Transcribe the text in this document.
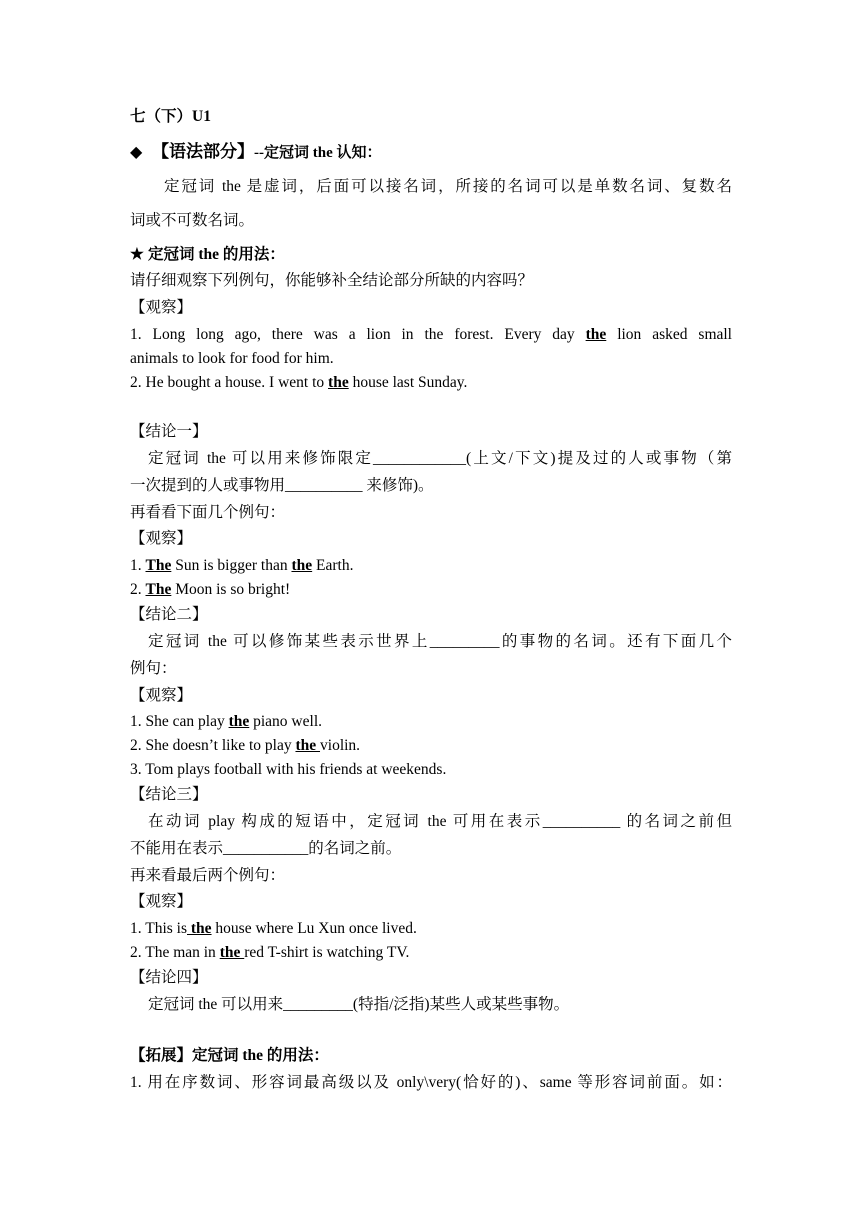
七（下）U1
◆ 【语法部分】--定冠词 the 认知：
定冠词 the 是虚词，后面可以接名词，所接的名词可以是单数名词、复数名
词或不可数名词。
★ 定冠词 the 的用法：
请仔细观察下列例句，你能够补全结论部分所缺的内容吗？
【观察】
1. Long long ago, there was a lion in the forest. Every day the lion asked small
animals to look for food for him.
2. He bought a house. I went to the house last Sunday.
【结论一】
定冠词 the 可以用来修饰限定____________(上文/下文)提及过的人或事物（第
一次提到的人或事物用__________ 来修饰)。
再看看下面几个例句：
【观察】
1. The Sun is bigger than the Earth.
2. The Moon is so bright!
【结论二】
定冠词 the 可以修饰某些表示世界上_________的事物的名词。还有下面几个
例句：
【观察】
1. She can play the piano well.
2. She doesn’t like to play the violin.
3. Tom plays football with his friends at weekends.
【结论三】
在动词 play 构成的短语中，定冠词 the 可用在表示__________ 的名词之前但
不能用在表示___________的名词之前。
再来看最后两个例句：
【观察】
1. This is the house where Lu Xun once lived.
2. The man in the red T-shirt is watching TV.
【结论四】
定冠词 the 可以用来_________(特指/泛指)某些人或某些事物。
【拓展】定冠词 the 的用法：
1. 用在序数词、形容词最高级以及 only\very(恰好的)、same 等形容词前面。如：
